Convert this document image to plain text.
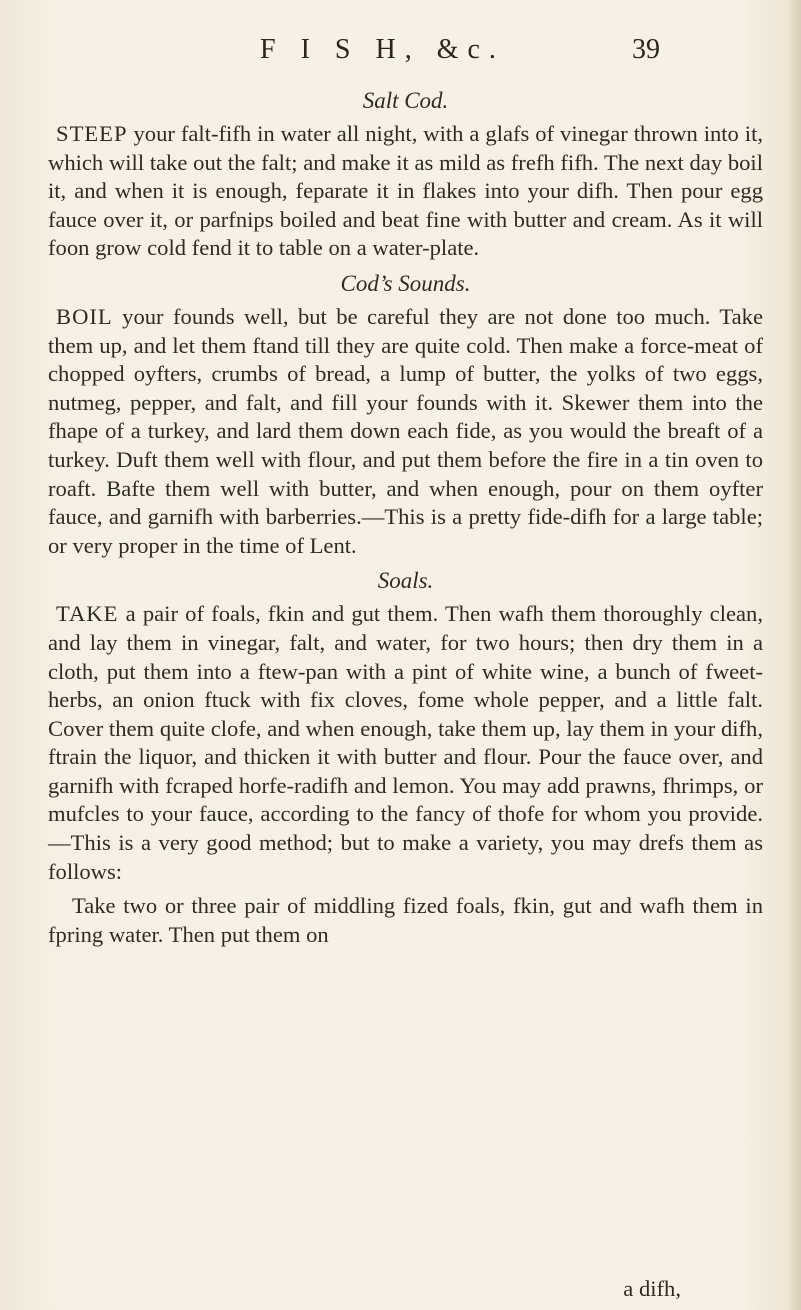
F I S H, &c.	39
Salt Cod.

STEEP your falt-fifh in water all night, with a glafs of vinegar thrown into it, which will take out the falt; and make it as mild as frefh fifh. The next day boil it, and when it is enough, feparate it in flakes into your difh. Then pour egg fauce over it, or parfnips boiled and beat fine with butter and cream. As it will foon grow cold fend it to table on a water-plate.

Cod’s Sounds.

BOIL your founds well, but be careful they are not done too much. Take them up, and let them ftand till they are quite cold. Then make a force-meat of chopped oyfters, crumbs of bread, a lump of butter, the yolks of two eggs, nutmeg, pepper, and falt, and fill your founds with it. Skewer them into the fhape of a turkey, and lard them down each fide, as you would the breaft of a turkey. Duft them well with flour, and put them before the fire in a tin oven to roaft. Bafte them well with butter, and when enough, pour on them oyfter fauce, and garnifh with barberries.—This is a pretty fide-difh for a large table; or very proper in the time of Lent.

Soals.

TAKE a pair of foals, fkin and gut them. Then wafh them thoroughly clean, and lay them in vinegar, falt, and water, for two hours; then dry them in a cloth, put them into a ftew-pan with a pint of white wine, a bunch of fweet-herbs, an onion ftuck with fix cloves, fome whole pepper, and a little falt. Cover them quite clofe, and when enough, take them up, lay them in your difh, ftrain the liquor, and thicken it with butter and flour. Pour the fauce over, and garnifh with fcraped horfe-radifh and lemon. You may add prawns, fhrimps, or mufcles to your fauce, according to the fancy of thofe for whom you provide.—This is a very good method; but to make a variety, you may drefs them as follows:

Take two or three pair of middling fized foals, fkin, gut and wafh them in fpring water. Then put them on

a difh,
